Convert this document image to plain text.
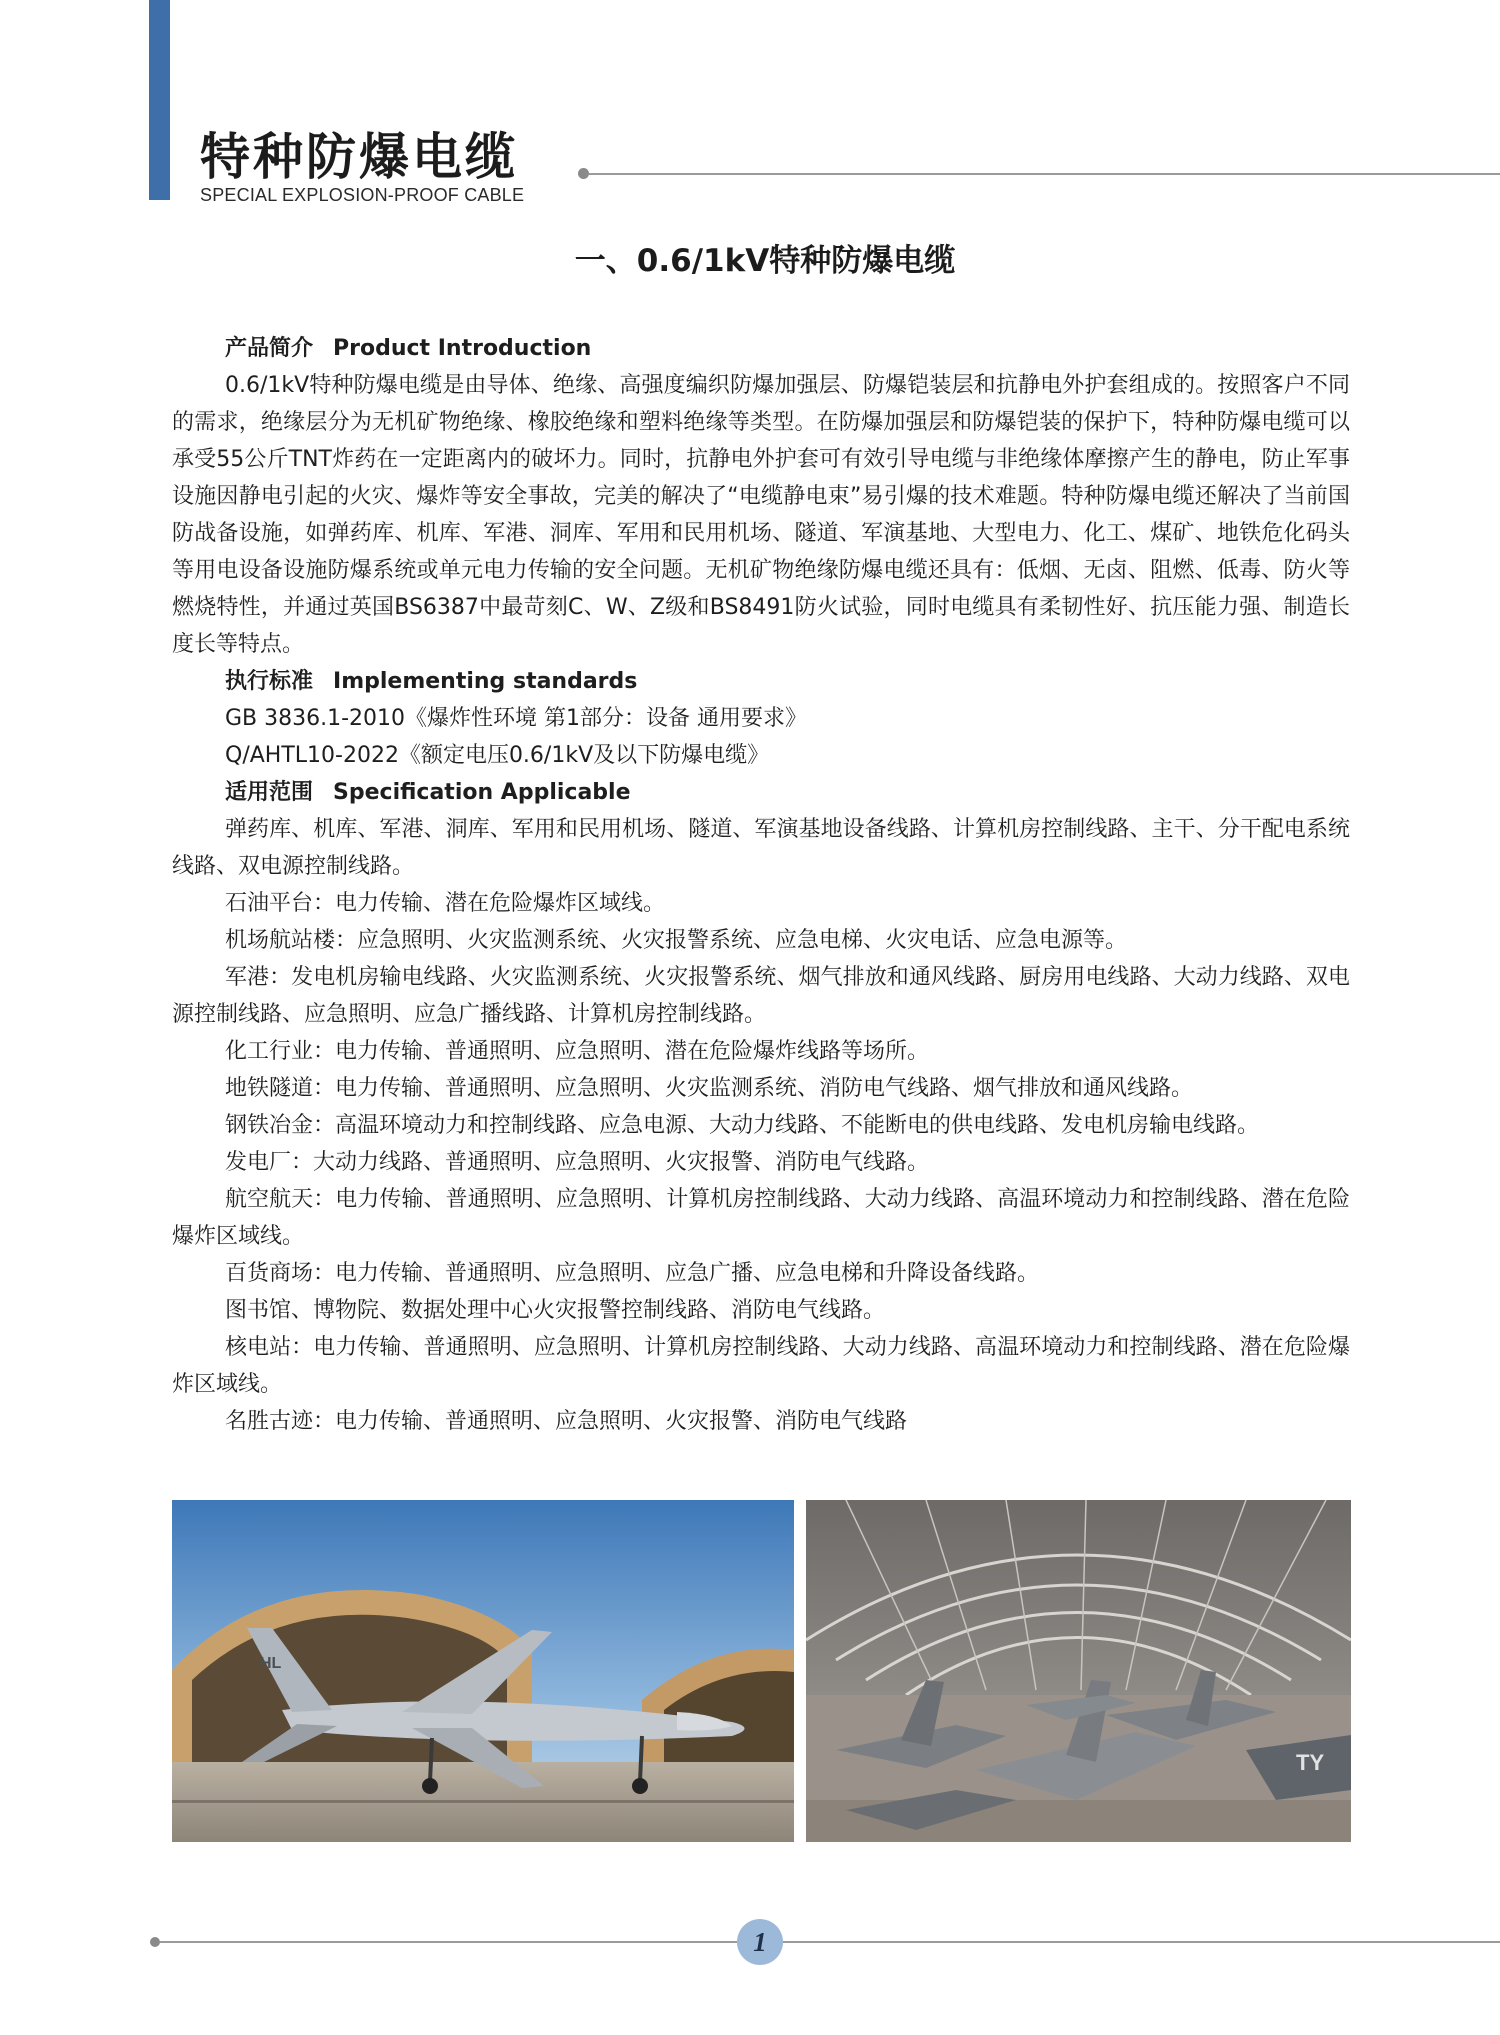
特种防爆电缆
SPECIAL EXPLOSION-PROOF CABLE
一、0.6/1kV特种防爆电缆

产品简介 Product Introduction

0.6/1kV特种防爆电缆是由导体、绝缘、高强度编织防爆加强层、防爆铠装层和抗静电外护套组成的。按照客户不同的需求，绝缘层分为无机矿物绝缘、橡胶绝缘和塑料绝缘等类型。在防爆加强层和防爆铠装的保护下，特种防爆电缆可以承受55公斤TNT炸药在一定距离内的破坏力。同时，抗静电外护套可有效引导电缆与非绝缘体摩擦产生的静电，防止军事设施因静电引起的火灾、爆炸等安全事故，完美的解决了“电缆静电束”易引爆的技术难题。特种防爆电缆还解决了当前国防战备设施，如弹药库、机库、军港、洞库、军用和民用机场、隧道、军演基地、大型电力、化工、煤矿、地铁危化码头等用电设备设施防爆系统或单元电力传输的安全问题。无机矿物绝缘防爆电缆还具有：低烟、无卤、阻燃、低毒、防火等燃烧特性，并通过英国BS6387中最苛刻C、W、Z级和BS8491防火试验，同时电缆具有柔韧性好、抗压能力强、制造长度长等特点。

执行标准 Implementing standards

GB 3836.1-2010《爆炸性环境 第1部分：设备 通用要求》

Q/AHTL10-2022《额定电压0.6/1kV及以下防爆电缆》

适用范围 Specification Applicable

弹药库、机库、军港、洞库、军用和民用机场、隧道、军演基地设备线路、计算机房控制线路、主干、分干配电系统线路、双电源控制线路。

石油平台：电力传输、潜在危险爆炸区域线。

机场航站楼：应急照明、火灾监测系统、火灾报警系统、应急电梯、火灾电话、应急电源等。

军港：发电机房输电线路、火灾监测系统、火灾报警系统、烟气排放和通风线路、厨房用电线路、大动力线路、双电源控制线路、应急照明、应急广播线路、计算机房控制线路。

化工行业：电力传输、普通照明、应急照明、潜在危险爆炸线路等场所。

地铁隧道：电力传输、普通照明、应急照明、火灾监测系统、消防电气线路、烟气排放和通风线路。

钢铁冶金：高温环境动力和控制线路、应急电源、大动力线路、不能断电的供电线路、发电机房输电线路。

发电厂：大动力线路、普通照明、应急照明、火灾报警、消防电气线路。

航空航天：电力传输、普通照明、应急照明、计算机房控制线路、大动力线路、高温环境动力和控制线路、潜在危险爆炸区域线。

百货商场：电力传输、普通照明、应急照明、应急广播、应急电梯和升降设备线路。

图书馆、博物院、数据处理中心火灾报警控制线路、消防电气线路。

核电站：电力传输、普通照明、应急照明、计算机房控制线路、大动力线路、高温环境动力和控制线路、潜在危险爆炸区域线。

名胜古迹：电力传输、普通照明、应急照明、火灾报警、消防电气线路

HL
TY
1
